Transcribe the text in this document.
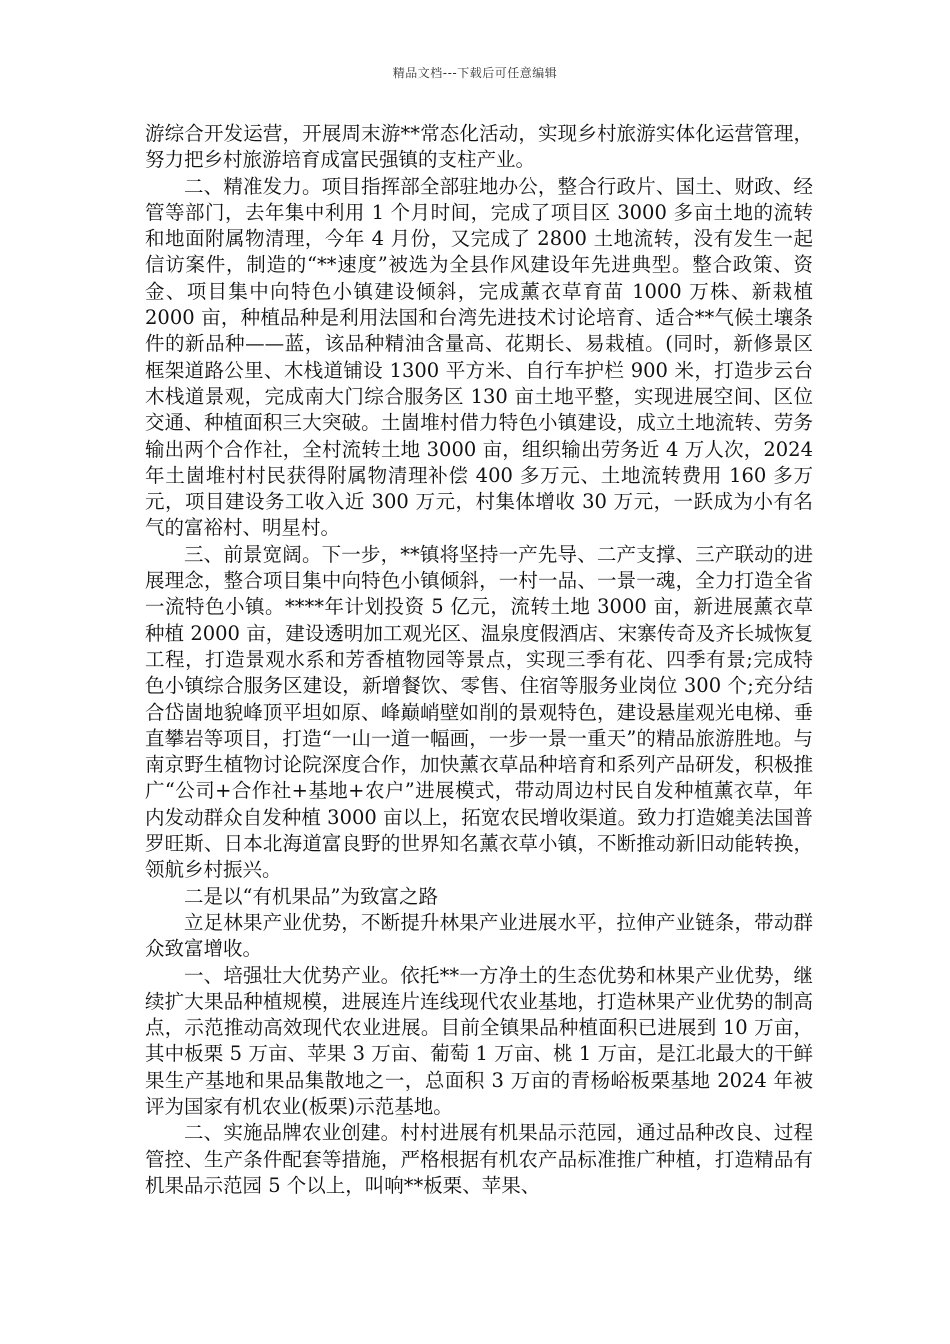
精品文档---下载后可任意编辑

游综合开发运营，开展周末游**常态化活动，实现乡村旅游实体化运营管理，努力把乡村旅游培育成富民强镇的支柱产业。

二、精准发力。项目指挥部全部驻地办公，整合行政片、国土、财政、经管等部门，去年集中利用 1 个月时间，完成了项目区 3000 多亩土地的流转和地面附属物清理，今年 4 月份，又完成了 2800 土地流转，没有发生一起信访案件，制造的“**速度”被选为全县作风建设年先进典型。整合政策、资金、项目集中向特色小镇建设倾斜，完成薰衣草育苗 1000 万株、新栽植 2000 亩，种植品种是利用法国和台湾先进技术讨论培育、适合**气候土壤条件的新品种——蓝，该品种精油含量高、花期长、易栽植。(同时，新修景区框架道路公里、木栈道铺设 1300 平方米、自行车护栏 900 米，打造步云台木栈道景观，完成南大门综合服务区 130 亩土地平整，实现进展空间、区位交通、种植面积三大突破。土崮堆村借力特色小镇建设，成立土地流转、劳务输出两个合作社，全村流转土地 3000 亩，组织输出劳务近 4 万人次，2024 年土崮堆村村民获得附属物清理补偿 400 多万元、土地流转费用 160 多万元，项目建设务工收入近 300 万元，村集体增收 30 万元，一跃成为小有名气的富裕村、明星村。

三、前景宽阔。下一步，**镇将坚持一产先导、二产支撑、三产联动的进展理念，整合项目集中向特色小镇倾斜，一村一品、一景一魂，全力打造全省一流特色小镇。****年计划投资 5 亿元，流转土地 3000 亩，新进展薰衣草种植 2000 亩，建设透明加工观光区、温泉度假酒店、宋寨传奇及齐长城恢复工程，打造景观水系和芳香植物园等景点，实现三季有花、四季有景;完成特色小镇综合服务区建设，新增餐饮、零售、住宿等服务业岗位 300 个;充分结合岱崮地貌峰顶平坦如原、峰巅峭壁如削的景观特色，建设悬崖观光电梯、垂直攀岩等项目，打造“一山一道一幅画，一步一景一重天”的精品旅游胜地。与南京野生植物讨论院深度合作，加快薰衣草品种培育和系列产品研发，积极推广“公司+合作社+基地+农户”进展模式，带动周边村民自发种植薰衣草，年内发动群众自发种植 3000 亩以上，拓宽农民增收渠道。致力打造媲美法国普罗旺斯、日本北海道富良野的世界知名薰衣草小镇，不断推动新旧动能转换，领航乡村振兴。

二是以“有机果品”为致富之路

立足林果产业优势，不断提升林果产业进展水平，拉伸产业链条，带动群众致富增收。

一、培强壮大优势产业。依托**一方净土的生态优势和林果产业优势，继续扩大果品种植规模，进展连片连线现代农业基地，打造林果产业优势的制高点，示范推动高效现代农业进展。目前全镇果品种植面积已进展到 10 万亩，其中板栗 5 万亩、苹果 3 万亩、葡萄 1 万亩、桃 1 万亩，是江北最大的干鲜果生产基地和果品集散地之一，总面积 3 万亩的青杨峪板栗基地 2024 年被评为国家有机农业(板栗)示范基地。

二、实施品牌农业创建。村村进展有机果品示范园，通过品种改良、过程管控、生产条件配套等措施，严格根据有机农产品标准推广种植，打造精品有机果品示范园 5 个以上，叫响**板栗、苹果、
